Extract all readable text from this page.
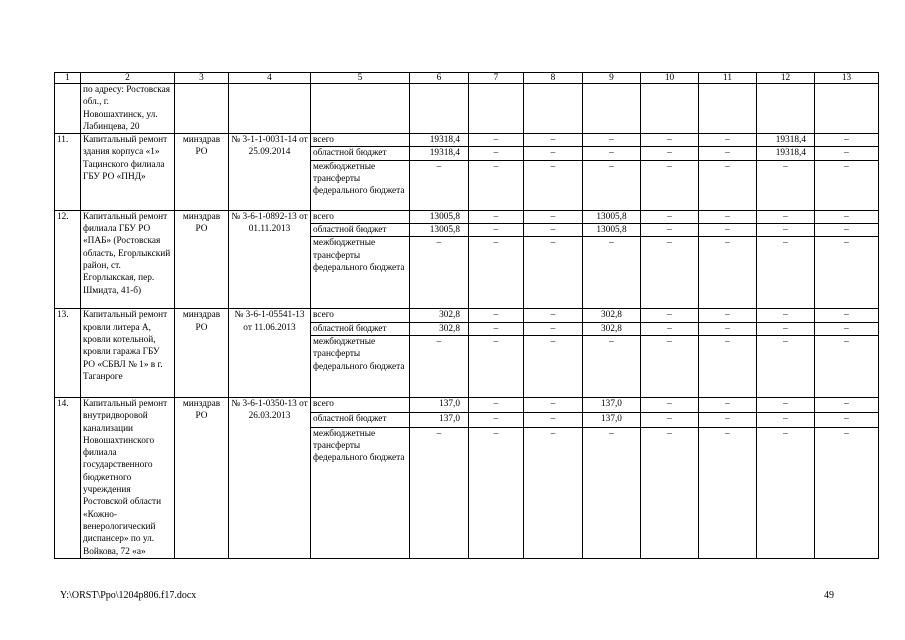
1	2	3	4	5	6	7	8	9	10	11	12	13
	по адресу: Ростовская обл., г. Новошахтинск, ул. Лабинцева, 20											
11.	Капитальный ремонт здания корпуса «1» Тацинского филиала ГБУ РО «ПНД»	минздрав РО	№ 3-1-1-0031-14 от 25.09.2014	всего	19318,4	–	–	–	–	–	19318,4	–
				областной бюджет	19318,4	–	–	–	–	–	19318,4	–
				межбюджетные трансферты федерального бюджета	–	–	–	–	–	–	–	–
12.	Капитальный ремонт филиала ГБУ РО «ПАБ» (Ростовская область, Егорлыкский район, ст. Егорлыкская, пер. Шмидта, 41-б)	минздрав РО	№ 3-6-1-0892-13 от 01.11.2013	всего	13005,8	–	–	13005,8	–	–	–	–
				областной бюджет	13005,8	–	–	13005,8	–	–	–	–
				межбюджетные трансферты федерального бюджета	–	–	–	–	–	–	–	–
13.	Капитальный ремонт кровли литера А, кровли котельной, кровли гаража ГБУ РО «СБВЛ № 1» в г. Таганроге	минздрав РО	№ 3-6-1-05541-13 от 11.06.2013	всего	302,8	–	–	302,8	–	–	–	–
				областной бюджет	302,8	–	–	302,8	–	–	–	–
				межбюджетные трансферты федерального бюджета	–	–	–	–	–	–	–	–
14.	Капитальный ремонт внутридворовой канализации Новошахтинского филиала государственного бюджетного учреждения Ростовской области «Кожно-венерологический диспансер» по ул. Войкова, 72 «а»	минздрав РО	№ 3-6-1-0350-13 от 26.03.2013	всего	137,0	–	–	137,0	–	–	–	–
				областной бюджет	137,0	–	–	137,0	–	–	–	–
				межбюджетные трансферты федерального бюджета	–	–	–	–	–	–	–	–
Y:\ORST\Ppo\1204p806.f17.docx	49
